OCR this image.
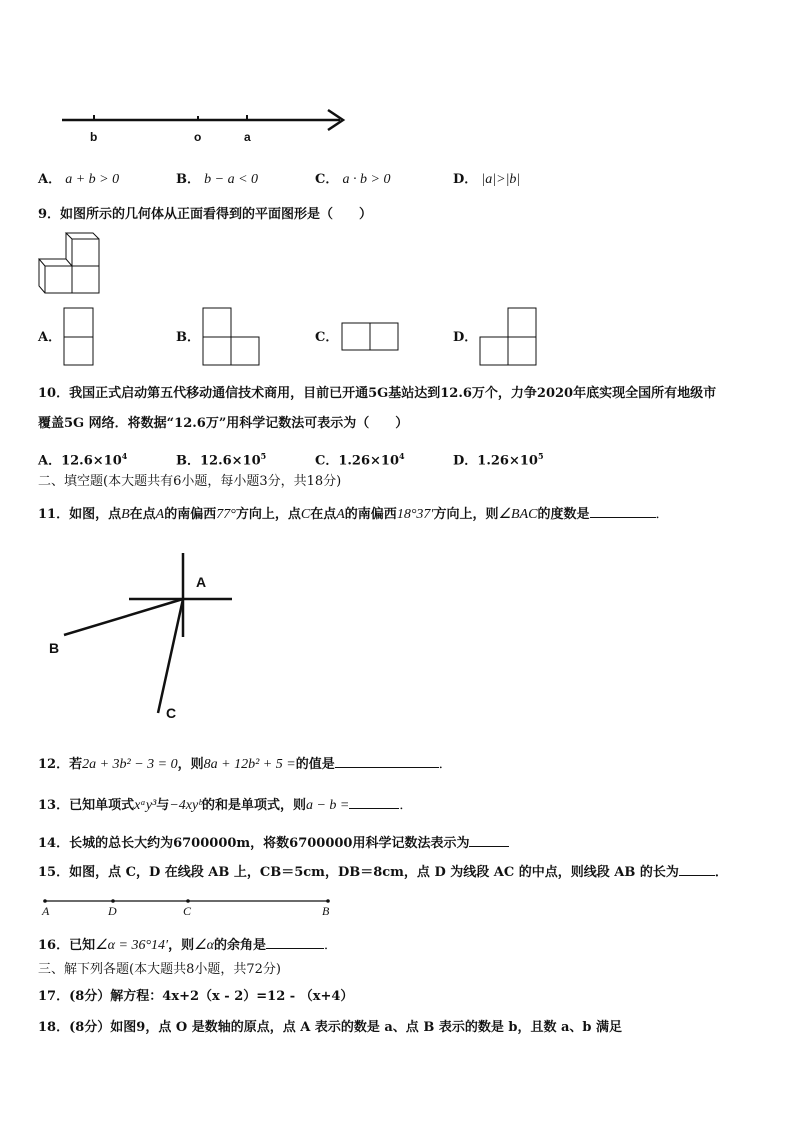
b	o	a
A． a + b > 0	B． b − a < 0	C． a · b > 0	D． |a|>|b|
9．如图所示的几何体从正面看得到的平面图形是（　　）
A．	B．	C．	D．
10．我国正式启动第五代移动通信技术商用，目前已开通5G基站达到12.6万个，力争2020年底实现全国所有地级市
覆盖5G 网络．将数据“12.6万”用科学记数法可表示为（　　）
A．$12.6\times 10^4$	B．$12.6\times 10^5$	C．$1.26\times 10^4$	D．$1.26\times 10^5$
二、填空题(本大题共有6小题，每小题3分，共18分)
11．如图，点B在点A的南偏西77°方向上，点C在点A的南偏西18°37′方向上，则∠BAC的度数是	．
A
B
C
12．若2a + 3b² − 3 = 0，则8a + 12b² + 5 =的值是	．
13．已知单项式xᵃy³与−4xyᵇ的和是单项式，则a − b =	．
14．长城的总长大约为6700000m，将数6700000用科学记数法表示为
15．如图，点 C，D 在线段 AB 上，CB＝5cm，DB＝8cm，点 D 为线段 AC 的中点，则线段 AB 的长为	．
A	D	C	B
16．已知∠α = 36°14′，则∠α的余角是	．
三、解下列各题(本大题共8小题，共72分)
17．(8分）解方程：4x+2（x - 2）=12 - （x+4）
18．(8分）如图9，点 O 是数轴的原点，点 A 表示的数是 a、点 B 表示的数是 b，且数 a、b 满足
